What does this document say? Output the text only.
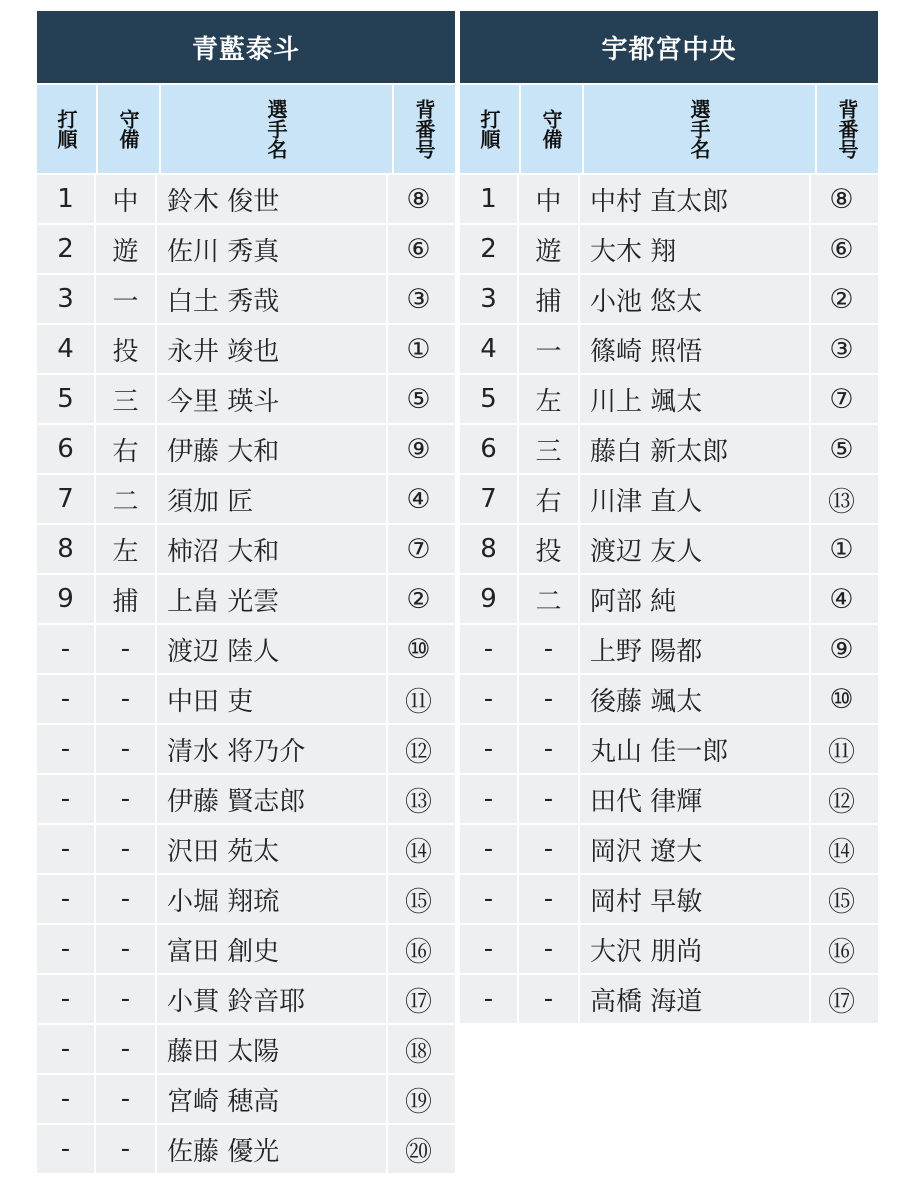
青藍泰斗
打順	守備	選手名	背番号
1	中	鈴木 俊世	⑧
2	遊	佐川 秀真	⑥
3	一	白土 秀哉	③
4	投	永井 竣也	①
5	三	今里 瑛斗	⑤
6	右	伊藤 大和	⑨
7	二	須加 匠	④
8	左	柿沼 大和	⑦
9	捕	上畠 光雲	②
-	-	渡辺 陸人	⑩
-	-	中田 吏	⑪
-	-	清水 将乃介	⑫
-	-	伊藤 賢志郎	⑬
-	-	沢田 苑太	⑭
-	-	小堀 翔琉	⑮
-	-	富田 創史	⑯
-	-	小貫 鈴音耶	⑰
-	-	藤田 太陽	⑱
-	-	宮崎 穂高	⑲
-	-	佐藤 優光	⑳
宇都宮中央
打順	守備	選手名	背番号
1	中	中村 直太郎	⑧
2	遊	大木 翔	⑥
3	捕	小池 悠太	②
4	一	篠崎 照悟	③
5	左	川上 颯太	⑦
6	三	藤白 新太郎	⑤
7	右	川津 直人	⑬
8	投	渡辺 友人	①
9	二	阿部 純	④
-	-	上野 陽都	⑨
-	-	後藤 颯太	⑩
-	-	丸山 佳一郎	⑪
-	-	田代 律輝	⑫
-	-	岡沢 遼大	⑭
-	-	岡村 早敏	⑮
-	-	大沢 朋尚	⑯
-	-	高橋 海道	⑰
